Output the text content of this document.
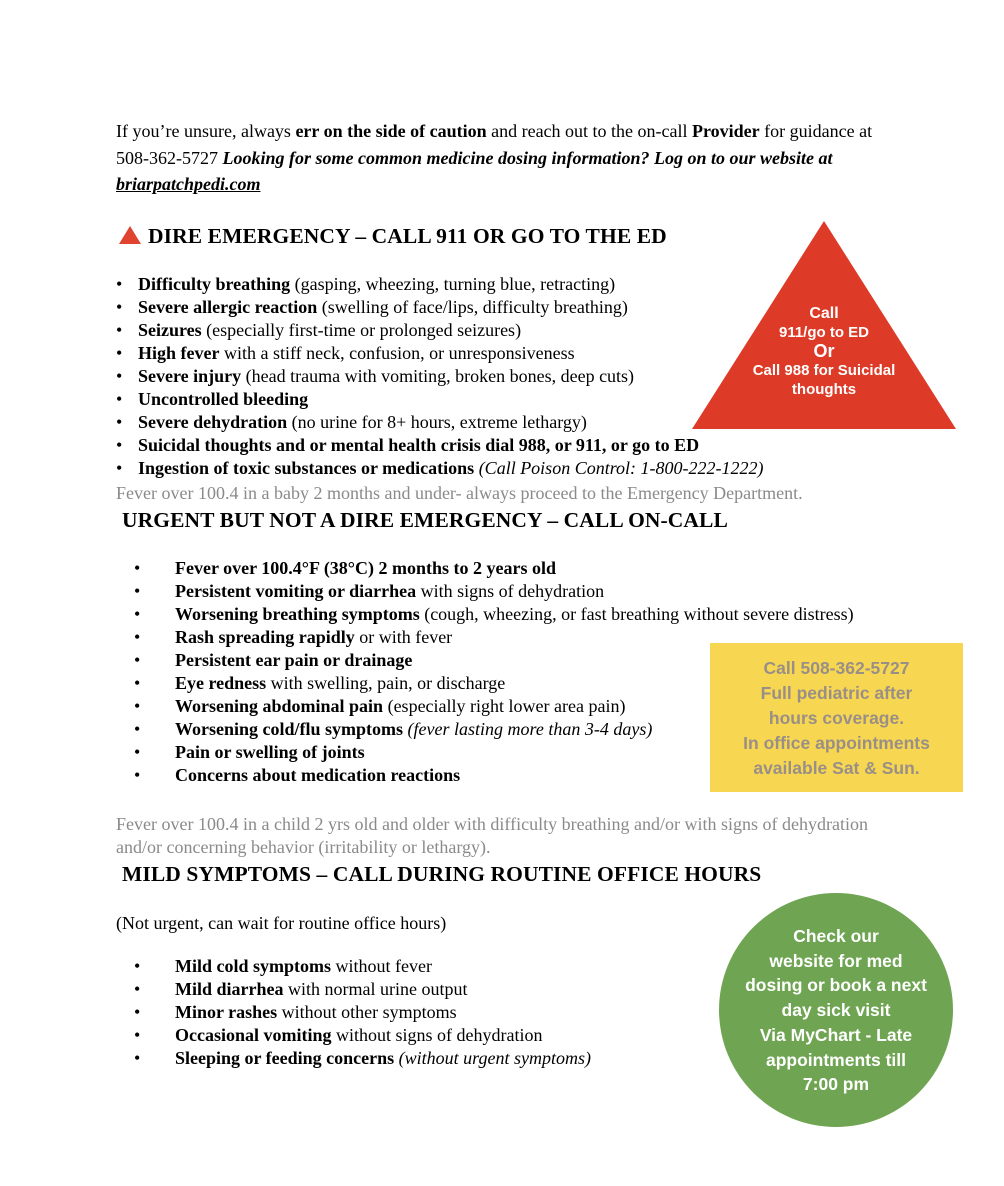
If you’re unsure, always err on the side of caution and reach out to the on-call Provider for guidance at 508-362-5727 Looking for some common medicine dosing information? Log on to our website at briarpatchpedi.com
DIRE EMERGENCY – CALL 911 OR GO TO THE ED
• Difficulty breathing (gasping, wheezing, turning blue, retracting)
• Severe allergic reaction (swelling of face/lips, difficulty breathing)
• Seizures (especially first-time or prolonged seizures)
• High fever with a stiff neck, confusion, or unresponsiveness
• Severe injury (head trauma with vomiting, broken bones, deep cuts)
• Uncontrolled bleeding
• Severe dehydration (no urine for 8+ hours, extreme lethargy)
• Suicidal thoughts and or mental health crisis dial 988, or 911, or go to ED
• Ingestion of toxic substances or medications (Call Poison Control: 1-800-222-1222)
Fever over 100.4 in a baby 2 months and under- always proceed to the Emergency Department.
Call
911/go to ED
Or
Call 988 for Suicidal
thoughts
URGENT BUT NOT A DIRE EMERGENCY – CALL ON-CALL
• Fever over 100.4°F (38°C) 2 months to 2 years old
• Persistent vomiting or diarrhea with signs of dehydration
• Worsening breathing symptoms (cough, wheezing, or fast breathing without severe distress)
• Rash spreading rapidly or with fever
• Persistent ear pain or drainage
• Eye redness with swelling, pain, or discharge
• Worsening abdominal pain (especially right lower area pain)
• Worsening cold/flu symptoms (fever lasting more than 3-4 days)
• Pain or swelling of joints
• Concerns about medication reactions
Fever over 100.4 in a child 2 yrs old and older with difficulty breathing and/or with signs of dehydration and/or concerning behavior (irritability or lethargy).
Call 508-362-5727
Full pediatric after
hours coverage.
In office appointments
available Sat & Sun.
MILD SYMPTOMS – CALL DURING ROUTINE OFFICE HOURS
(Not urgent, can wait for routine office hours)
• Mild cold symptoms without fever
• Mild diarrhea with normal urine output
• Minor rashes without other symptoms
• Occasional vomiting without signs of dehydration
• Sleeping or feeding concerns (without urgent symptoms)
Check our
website for med
dosing or book a next
day sick visit
Via MyChart - Late
appointments till
7:00 pm
